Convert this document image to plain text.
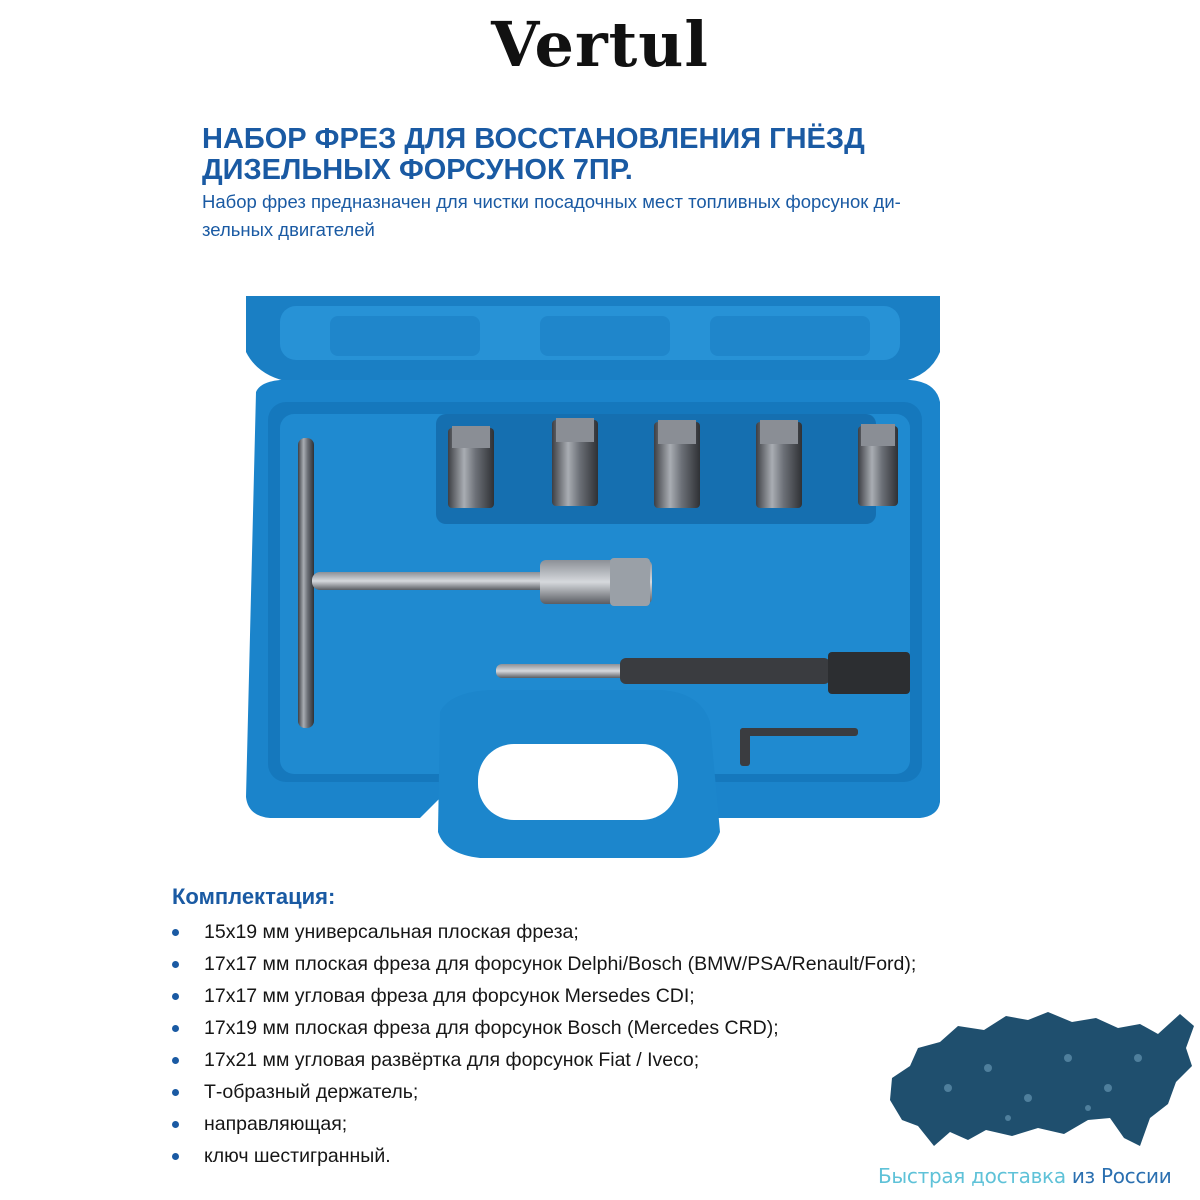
Vertul
НАБОР ФРЕЗ ДЛЯ ВОССТАНОВЛЕНИЯ ГНЁЗД
ДИЗЕЛЬНЫХ ФОРСУНОК 7ПР.
Набор фрез предназначен для чистки посадочных мест топливных форсунок ди-
зельных двигателей
Комплектация:
15x19 мм универсальная плоская фреза;
17x17 мм плоская фреза для форсунок Delphi/Bosch (BMW/PSA/Renault/Ford);
17x17 мм угловая фреза для форсунок Mersedes CDI;
17x19 мм плоская фреза для форсунок Bosch (Mercedes CRD);
17x21 мм угловая развёртка для форсунок Fiat / Iveco;
Т-образный держатель;
направляющая;
ключ шестигранный.
Быстрая доставка из России
